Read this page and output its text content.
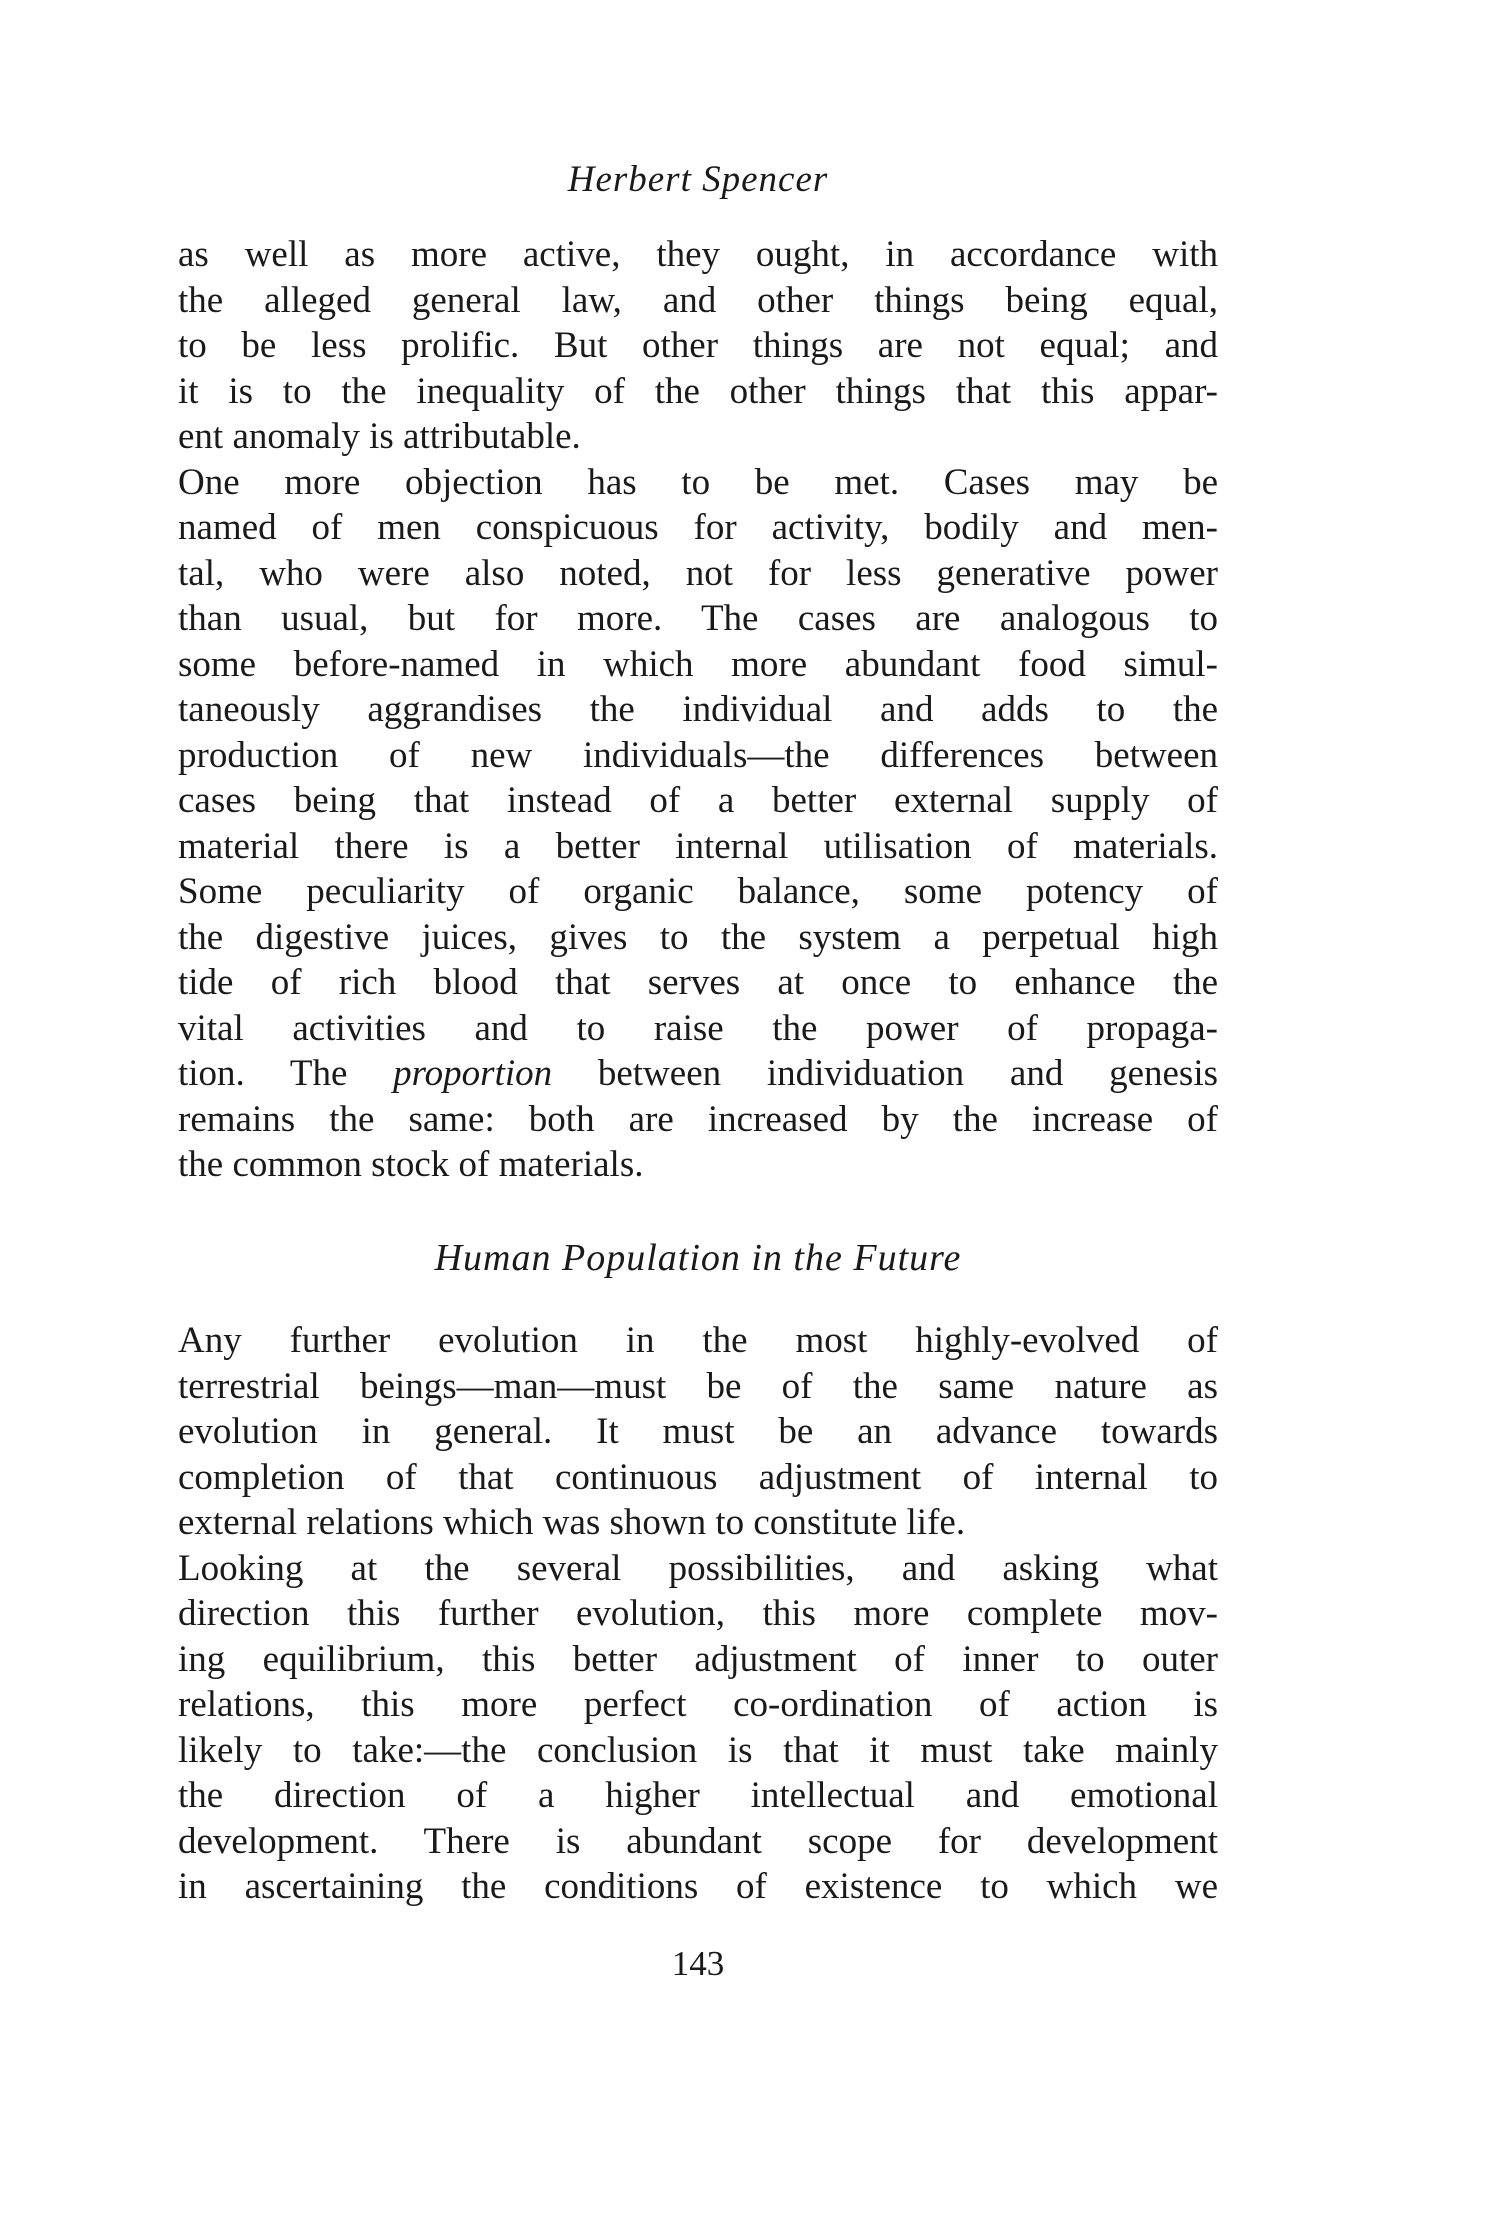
Herbert Spencer
as well as more active, they ought, in accordance with
the alleged general law, and other things being equal,
to be less prolific. But other things are not equal; and
it is to the inequality of the other things that this appar-
ent anomaly is attributable.
One more objection has to be met. Cases may be
named of men conspicuous for activity, bodily and men-
tal, who were also noted, not for less generative power
than usual, but for more. The cases are analogous to
some before-named in which more abundant food simul-
taneously aggrandises the individual and adds to the
production of new individuals—the differences between
cases being that instead of a better external supply of
material there is a better internal utilisation of materials.
Some peculiarity of organic balance, some potency of
the digestive juices, gives to the system a perpetual high
tide of rich blood that serves at once to enhance the
vital activities and to raise the power of propaga-
tion. The proportion between individuation and genesis
remains the same: both are increased by the increase of
the common stock of materials.
Human Population in the Future
Any further evolution in the most highly-evolved of
terrestrial beings—man—must be of the same nature as
evolution in general. It must be an advance towards
completion of that continuous adjustment of internal to
external relations which was shown to constitute life.
Looking at the several possibilities, and asking what
direction this further evolution, this more complete mov-
ing equilibrium, this better adjustment of inner to outer
relations, this more perfect co-ordination of action is
likely to take:—the conclusion is that it must take mainly
the direction of a higher intellectual and emotional
development. There is abundant scope for development
in ascertaining the conditions of existence to which we
143
